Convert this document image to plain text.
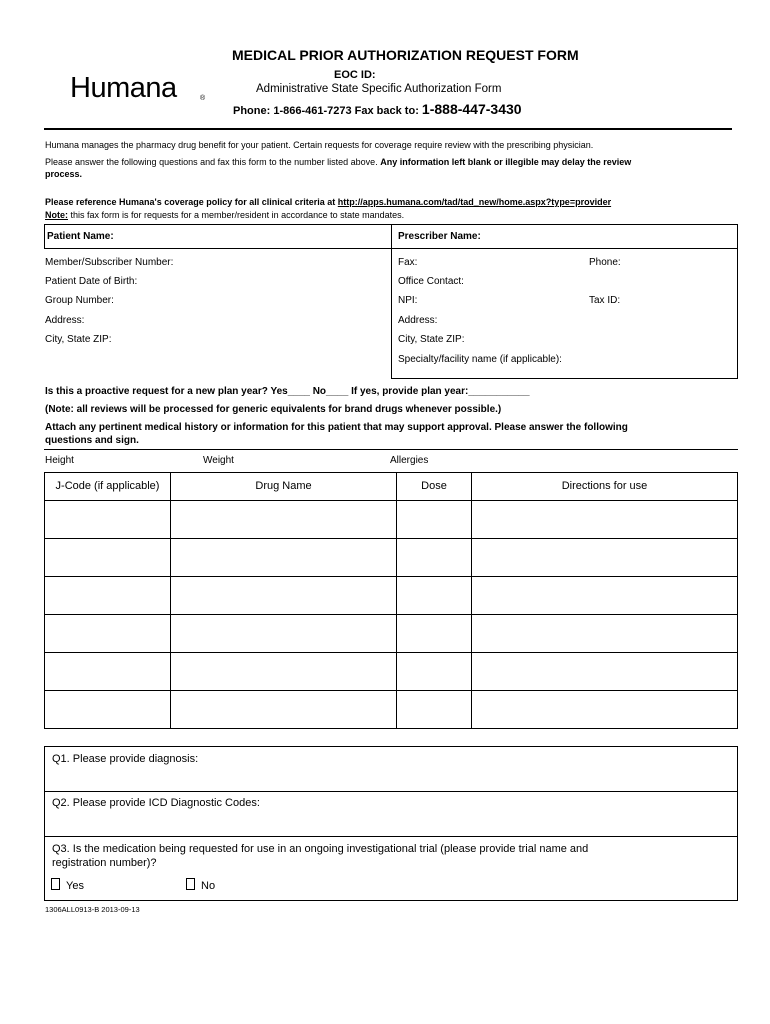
Humana	®
MEDICAL PRIOR AUTHORIZATION REQUEST FORM
EOC ID:
Administrative State Specific Authorization Form
Phone: 1-866-461-7273 Fax back to: 1-888-447-3430
Humana manages the pharmacy drug benefit for your patient. Certain requests for coverage require review with the prescribing physician.
Please answer the following questions and fax this form to the number listed above. Any information left blank or illegible may delay the review
process.
Please reference Humana's coverage policy for all clinical criteria at http://apps.humana.com/tad/tad_new/home.aspx?type=provider
Note: this fax form is for requests for a member/resident in accordance to state mandates.
Patient Name:	Prescriber Name:
Member/Subscriber Number:
Patient Date of Birth:
Group Number:
Address:
City, State ZIP:
Fax:	Phone:
Office Contact:
NPI:	Tax ID:
Address:
City, State ZIP:
Specialty/facility name (if applicable):
Is this a proactive request for a new plan year? Yes____ No____ If yes, provide plan year:___________
(Note: all reviews will be processed for generic equivalents for brand drugs whenever possible.)
Attach any pertinent medical history or information for this patient that may support approval. Please answer the following
questions and sign.
Height	Weight	Allergies
J-Code (if applicable)	Drug Name	Dose	Directions for use
Q1. Please provide diagnosis:
Q2. Please provide ICD Diagnostic Codes:
Q3. Is the medication being requested for use in an ongoing investigational trial (please provide trial name and
registration number)?
Yes	No
1306ALL0913-B 2013-09-13
